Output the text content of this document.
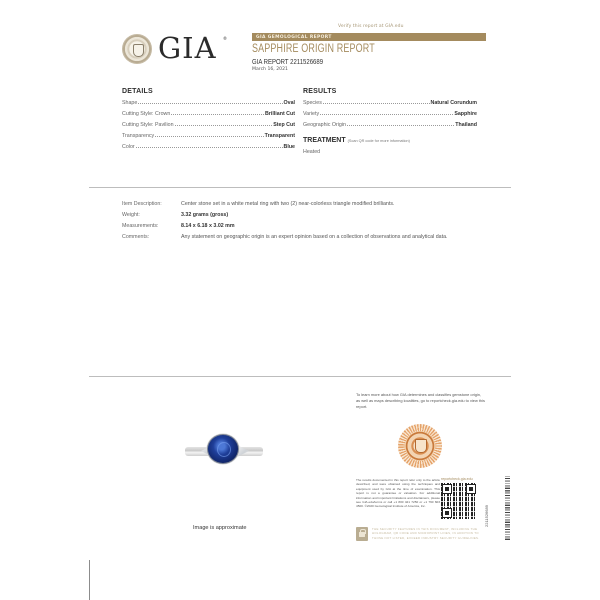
Verify this report at GIA.edu
GIA ®	GIA GEMOLOGICAL REPORT
SAPPHIRE ORIGIN REPORT
GIA REPORT 2211526689
March 16, 2021
DETAILS
Shape	Oval
Cutting Style: Crown	Brilliant Cut
Cutting Style: Pavilion	Step Cut
Transparency	Transparent
Color	Blue
RESULTS
Species	Natural Corundum
Variety	Sapphire
Geographic Origin	Thailand
TREATMENT (Scan QR code for more information)
Heated
Item Description:	Center stone set in a white metal ring with two (2) near-colorless triangle modified brilliants.
Weight:	3.32 grams (gross)
Measurements:	8.14 x 6.18 x 3.02 mm
Comments:	Any statement on geographic origin is an expert opinion based on a collection of observations and analytical data.
Image is approximate
To learn more about how GIA determines and classifies gemstone origin, as well as maps describing localities, go to reportcheck.gia.edu to view this report.
The results documented in this report refer only to the article described, and were obtained using the techniques and equipment used by GIA at the time of examination. This report is not a guarantee or valuation. For additional information and important limitations and disclaimers, please see GIA.edu/terms or call +1 800 421 7250 or +1 760 603 4500. ©2020 Gemological Institute of America, Inc.
reportcheck.gia.edu
THE SECURITY FEATURES IN THIS DOCUMENT, INCLUDING THE HOLOGRAM, QR CODE AND MICROPRINT LINES, IN ADDITION TO THOSE NOT LISTED, EXCEED INDUSTRY SECURITY GUIDELINES.
2211526689
